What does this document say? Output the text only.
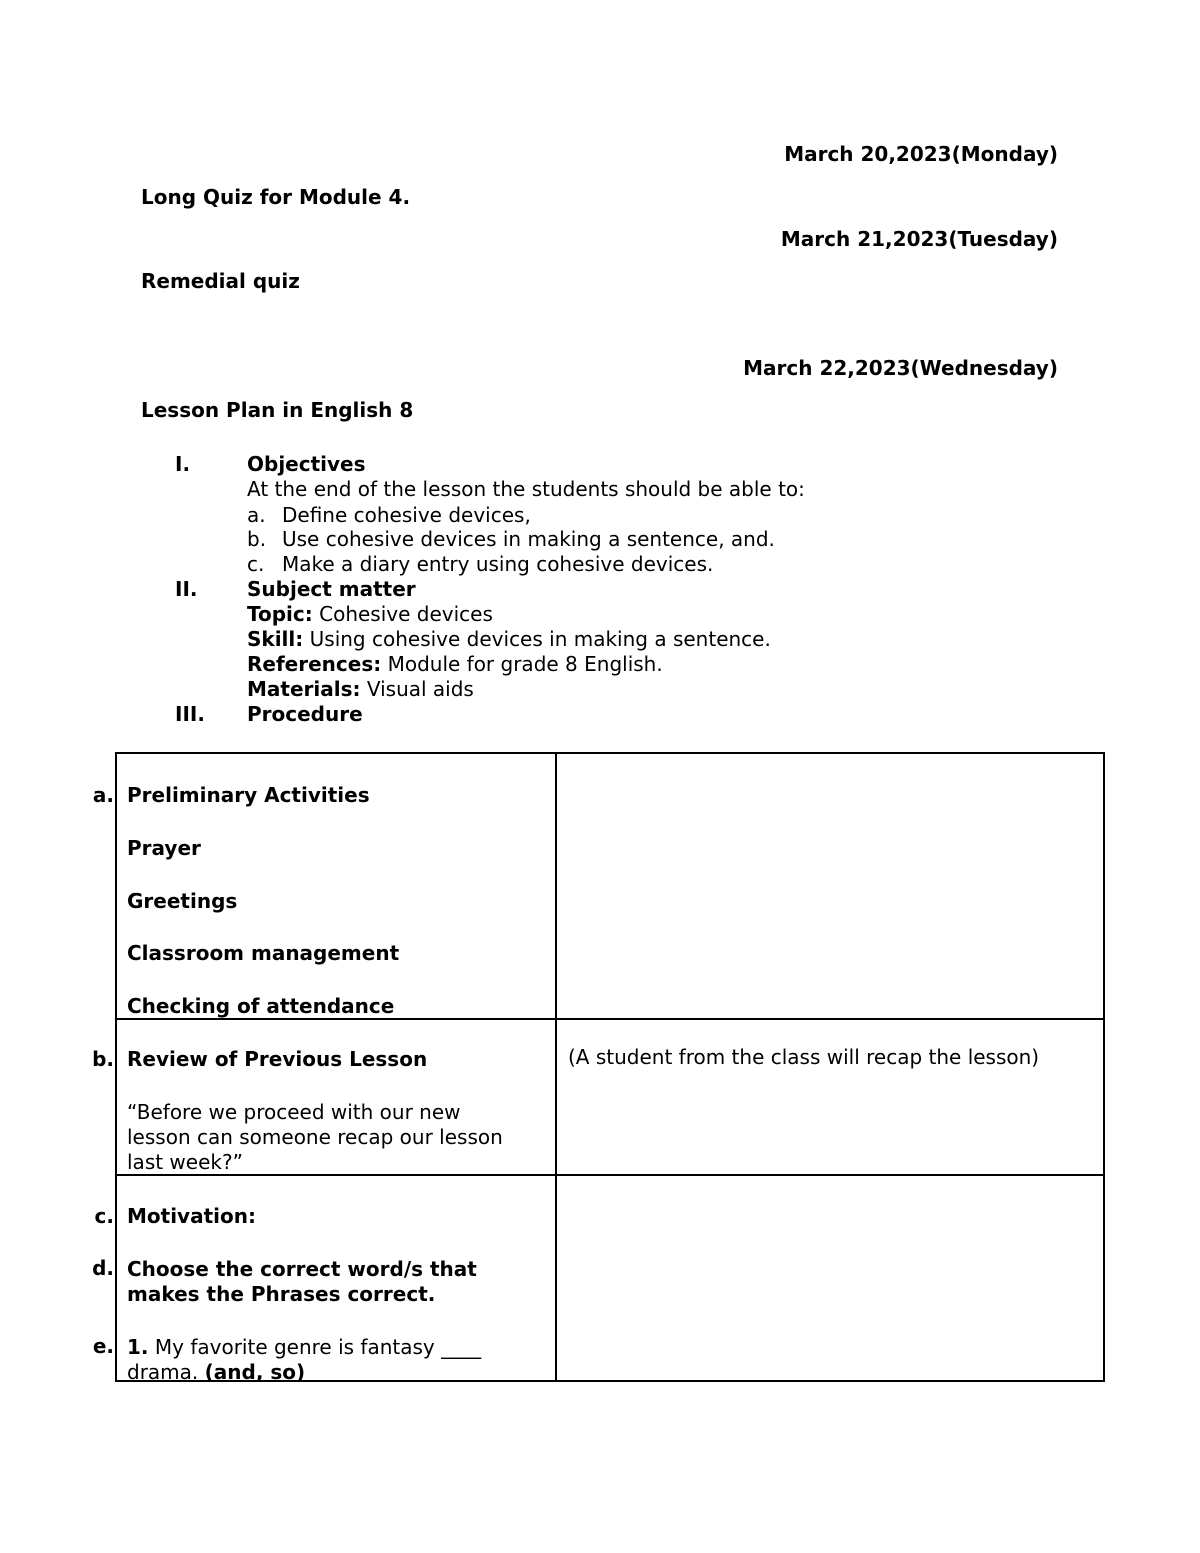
March 20,2023(Monday)
Long Quiz for Module 4.
March 21,2023(Tuesday)
Remedial quiz
March 22,2023(Wednesday)
Lesson Plan in English 8
I.	Objectives
At the end of the lesson the students should be able to:
a. Define cohesive devices,
b. Use cohesive devices in making a sentence, and.
c. Make a diary entry using cohesive devices.
II. Subject matter
Topic: Cohesive devices
Skill: Using cohesive devices in making a sentence.
References: Module for grade 8 English.
Materials: Visual aids
III. Procedure
a.
b.
c.
d.
e.
Preliminary Activities
Prayer
Greetings
Classroom management
Checking of attendance
Review of Previous Lesson
“Before we proceed with our new
lesson can someone recap our lesson
last week?”
(A student from the class will recap the lesson)
Motivation:
Choose the correct word/s that
makes the Phrases correct.
1. My favorite genre is fantasy ____
drama. (and, so)
